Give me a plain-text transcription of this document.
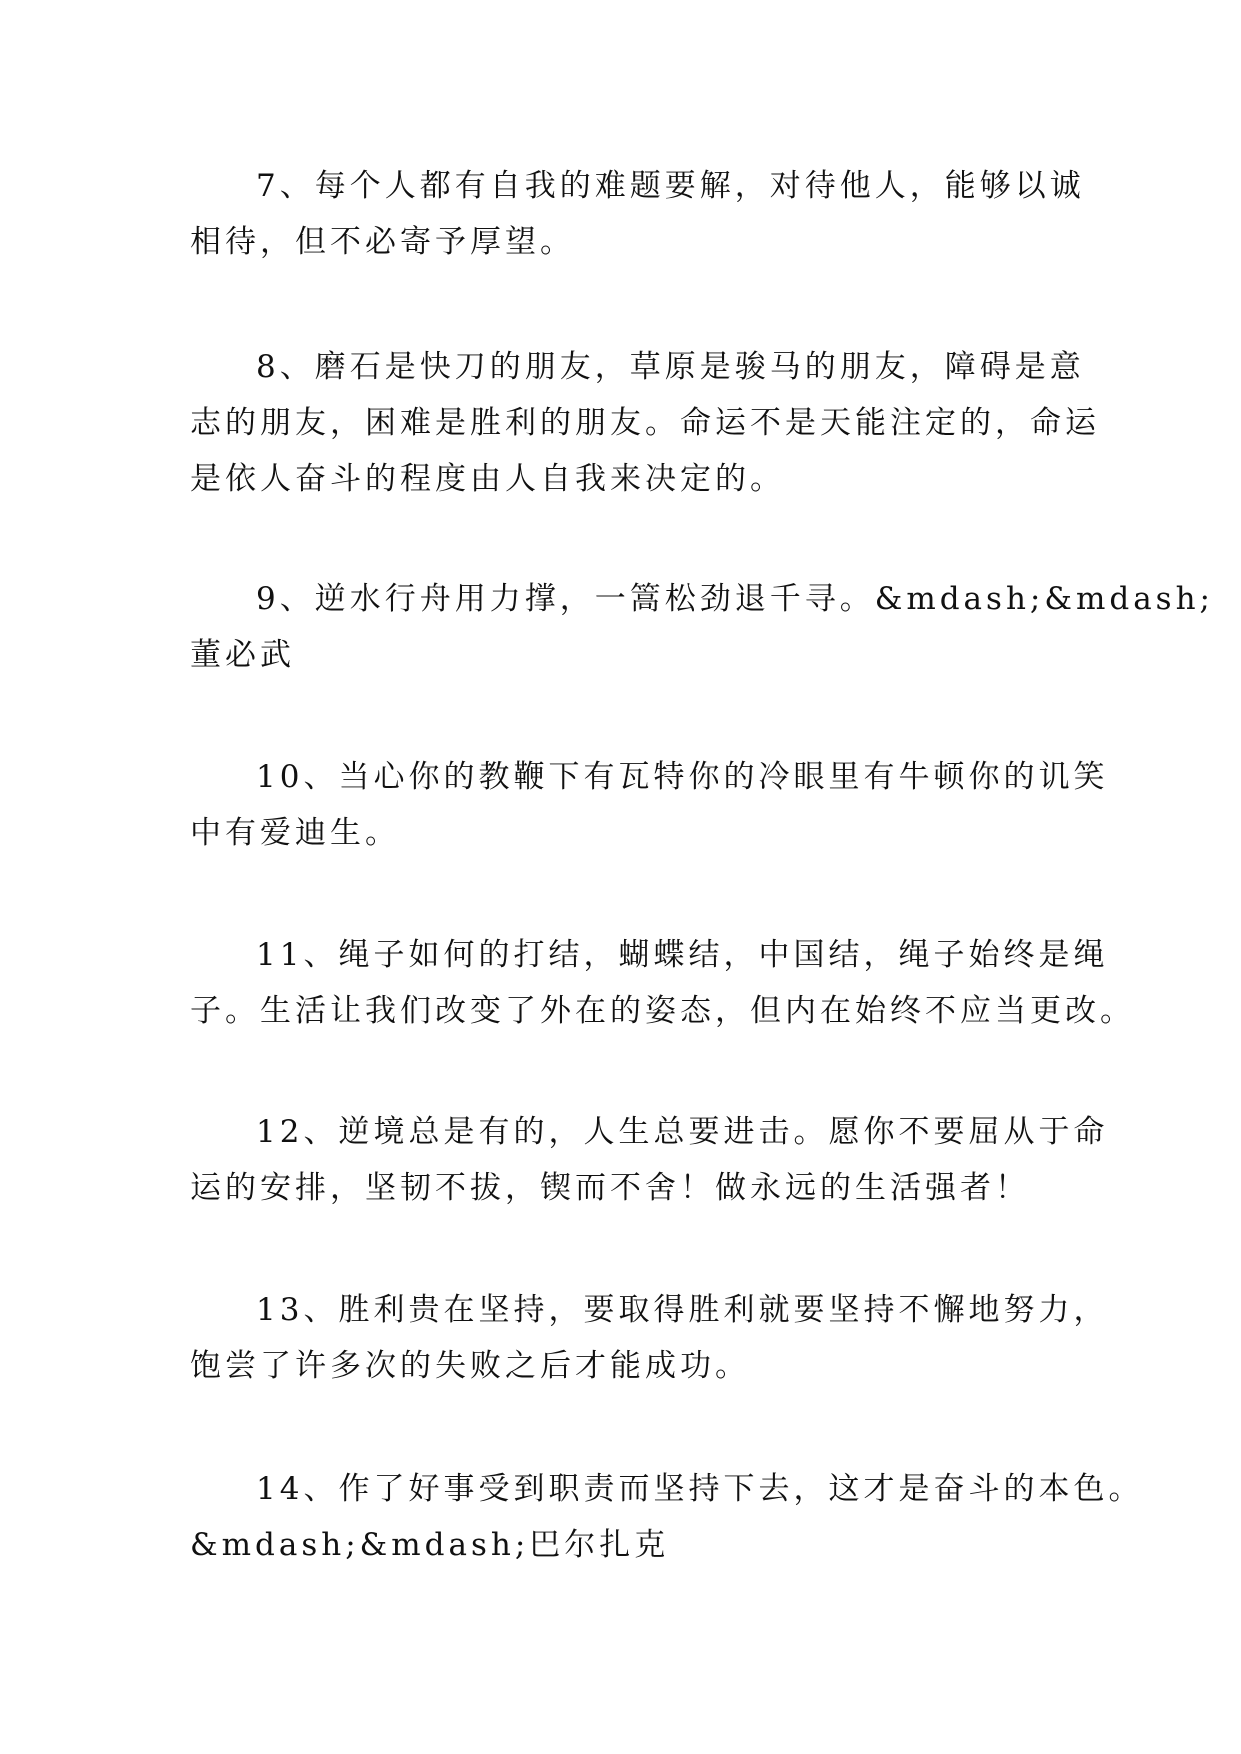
7、每个人都有自我的难题要解，对待他人，能够以诚
相待，但不必寄予厚望。
8、磨石是快刀的朋友，草原是骏马的朋友，障碍是意
志的朋友，困难是胜利的朋友。命运不是天能注定的，命运
是依人奋斗的程度由人自我来决定的。
9、逆水行舟用力撑，一篙松劲退千寻。&mdash;&mdash;
董必武
10、当心你的教鞭下有瓦特你的冷眼里有牛顿你的讥笑
中有爱迪生。
11、绳子如何的打结，蝴蝶结，中国结，绳子始终是绳
子。生活让我们改变了外在的姿态，但内在始终不应当更改。
12、逆境总是有的，人生总要进击。愿你不要屈从于命
运的安排，坚韧不拔，锲而不舍！做永远的生活强者！
13、胜利贵在坚持，要取得胜利就要坚持不懈地努力，
饱尝了许多次的失败之后才能成功。
14、作了好事受到职责而坚持下去，这才是奋斗的本色。
&mdash;&mdash;巴尔扎克
